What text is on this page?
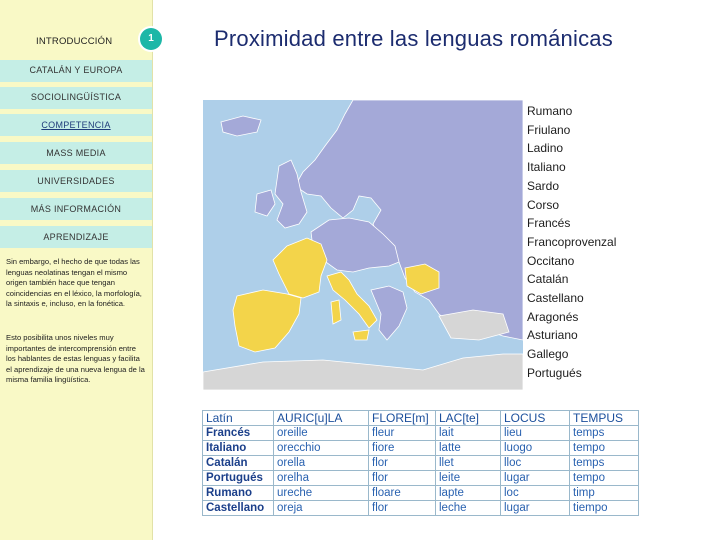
INTRODUCCIÓN
CATALÁN Y EUROPA
SOCIOLINGÜÍSTICA
COMPETENCIA
MASS MEDIA
UNIVERSIDADES
MÁS INFORMACIÓN
APRENDIZAJE
Sin embargo, el hecho de que todas las lenguas neolatinas tengan el mismo origen también hace que tengan coincidencias en el léxico, la morfología, la sintaxis e, incluso, en la fonética.
Esto posibilita unos niveles muy importantes de intercomprensión entre los hablantes de estas lenguas y facilita el aprendizaje de una nueva lengua de la misma familia lingüística.
1	Proximidad entre las lenguas románicas
Rumano
Friulano
Ladino
Italiano
Sardo
Corso
Francés
Francoprovenzal
Occitano
Catalán
Castellano
Aragonés
Asturiano
Gallego
Portugués
Latín	AURIC[u]LA	FLORE[m]	LAC[te]	LOCUS	TEMPUS
Francés	oreille	fleur	lait	lieu	temps
Italiano	orecchio	fiore	latte	luogo	tempo
Catalán	orella	flor	llet	lloc	temps
Portugués	orelha	flor	leite	lugar	tempo
Rumano	ureche	floare	lapte	loc	timp
Castellano	oreja	flor	leche	lugar	tiempo
